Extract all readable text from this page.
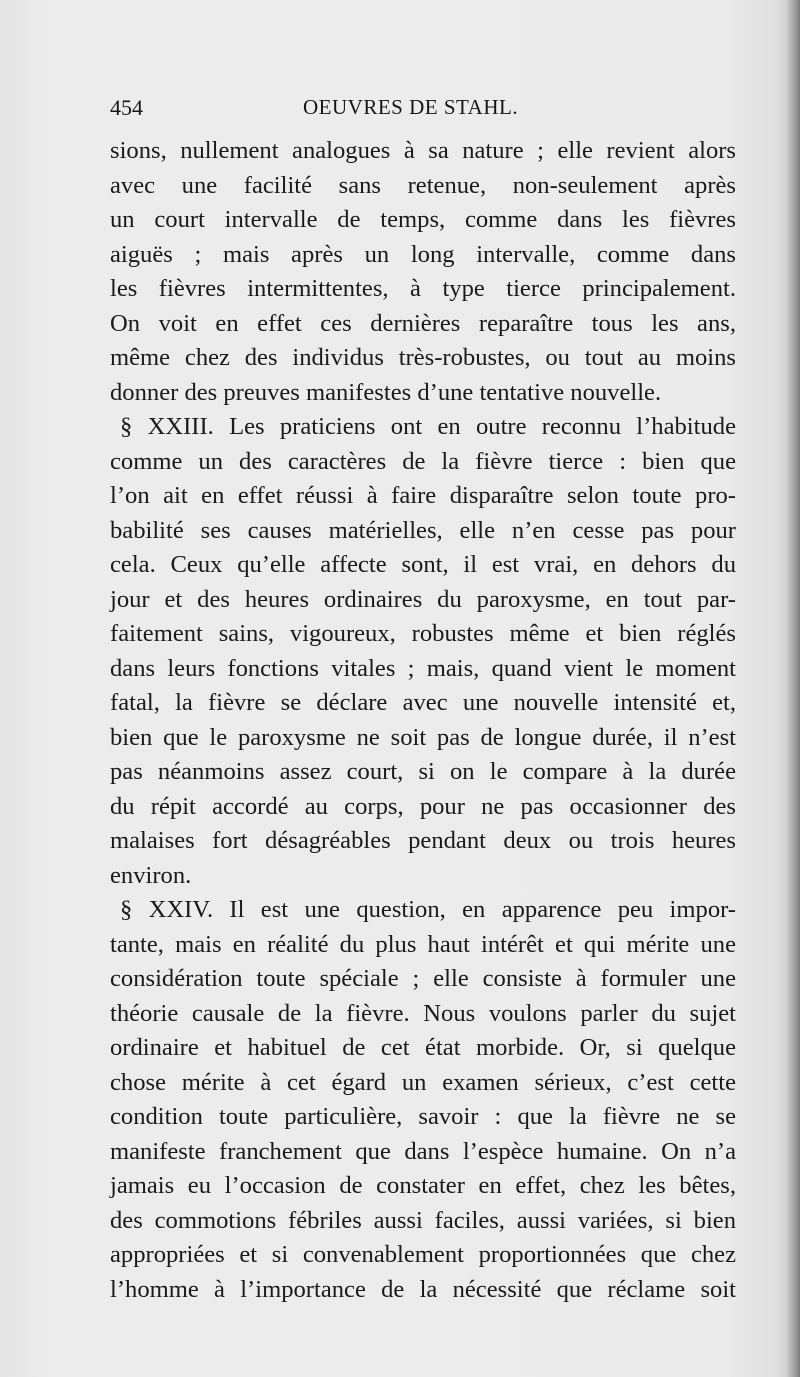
454	OEUVRES DE STAHL.
sions, nullement analogues à sa nature ; elle revient alors
avec une facilité sans retenue, non-seulement après
un court intervalle de temps, comme dans les fièvres
aiguës ; mais après un long intervalle, comme dans
les fièvres intermittentes, à type tierce principalement.
On voit en effet ces dernières reparaître tous les ans,
même chez des individus très-robustes, ou tout au moins
donner des preuves manifestes d’une tentative nouvelle.
§ XXIII. Les praticiens ont en outre reconnu l’habitude
comme un des caractères de la fièvre tierce : bien que
l’on ait en effet réussi à faire disparaître selon toute pro-
babilité ses causes matérielles, elle n’en cesse pas pour
cela. Ceux qu’elle affecte sont, il est vrai, en dehors du
jour et des heures ordinaires du paroxysme, en tout par-
faitement sains, vigoureux, robustes même et bien réglés
dans leurs fonctions vitales ; mais, quand vient le moment
fatal, la fièvre se déclare avec une nouvelle intensité et,
bien que le paroxysme ne soit pas de longue durée, il n’est
pas néanmoins assez court, si on le compare à la durée
du répit accordé au corps, pour ne pas occasionner des
malaises fort désagréables pendant deux ou trois heures
environ.
§ XXIV. Il est une question, en apparence peu impor-
tante, mais en réalité du plus haut intérêt et qui mérite une
considération toute spéciale ; elle consiste à formuler une
théorie causale de la fièvre. Nous voulons parler du sujet
ordinaire et habituel de cet état morbide. Or, si quelque
chose mérite à cet égard un examen sérieux, c’est cette
condition toute particulière, savoir : que la fièvre ne se
manifeste franchement que dans l’espèce humaine. On n’a
jamais eu l’occasion de constater en effet, chez les bêtes,
des commotions fébriles aussi faciles, aussi variées, si bien
appropriées et si convenablement proportionnées que chez
l’homme à l’importance de la nécessité que réclame soit
